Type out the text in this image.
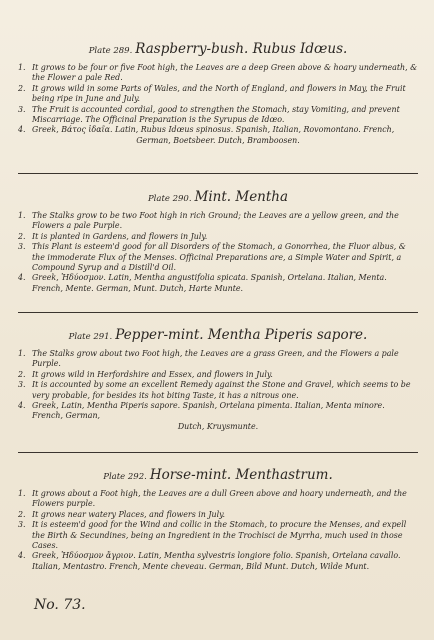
Plate 289. Raspberry-bush. Rubus Idœus.

1. It grows to be four or five Foot high, the Leaves are a deep Green above & hoary underneath, & the Flower a pale Red.
2. It grows wild in some Parts of Wales, and the North of England, and flowers in May, the Fruit being ripe in June and July.
3. The Fruit is accounted cordial, good to strengthen the Stomach, stay Vomiting, and prevent Miscarriage. The Officinal Preparation is the Syrupus de Idœo.
4. Greek, Βάτος ἰδαῖα. Latin, Rubus Idœus spinosus. Spanish, Italian, Rovomontano. French,

German, Boetsbeer. Dutch, Bramboosen.

Plate 290. Mint. Mentha

1. The Stalks grow to be two Foot high in rich Ground; the Leaves are a yellow green, and the Flowers a pale Purple.
2. It is planted in Gardens, and flowers in July.
3. This Plant is esteem'd good for all Disorders of the Stomach, a Gonorrhea, the Fluor albus, & the immoderate Flux of the Menses. Officinal Preparations are, a Simple Water and Spirit, a Compound Syrup and a Distill'd Oil.
4. Greek, Ἡδύοσμον. Latin, Mentha angustifolia spicata. Spanish, Ortelana. Italian, Menta. French, Mente. German, Munt. Dutch, Harte Munte.

Plate 291. Pepper-mint. Mentha Piperis sapore.

1. The Stalks grow about two Foot high, the Leaves are a grass Green, and the Flowers a pale Purple.
2. It grows wild in Herfordshire and Essex, and flowers in July.
3. It is accounted by some an excellent Remedy against the Stone and Gravel, which seems to be very probable, for besides its hot biting Taste, it has a nitrous one.
4. Greek, Latin, Mentha Piperis sapore. Spanish, Ortelana pimenta. Italian, Menta minore. French, German,

Dutch, Kruysmunte.

Plate 292. Horse-mint. Menthastrum.

1. It grows about a Foot high, the Leaves are a dull Green above and hoary underneath, and the Flowers purple.
2. It grows near watery Places, and flowers in July.
3. It is esteem'd good for the Wind and collic in the Stomach, to procure the Menses, and expell the Birth & Secundines, being an Ingredient in the Trochisci de Myrrha, much used in those Cases.
4. Greek, Ἡδύοσμον ἄγριον. Latin, Mentha sylvestris longiore folio. Spanish, Ortelana cavallo. Italian, Mentastro. French, Mente cheveau. German, Bild Munt. Dutch, Wilde Munt.
No. 73.
